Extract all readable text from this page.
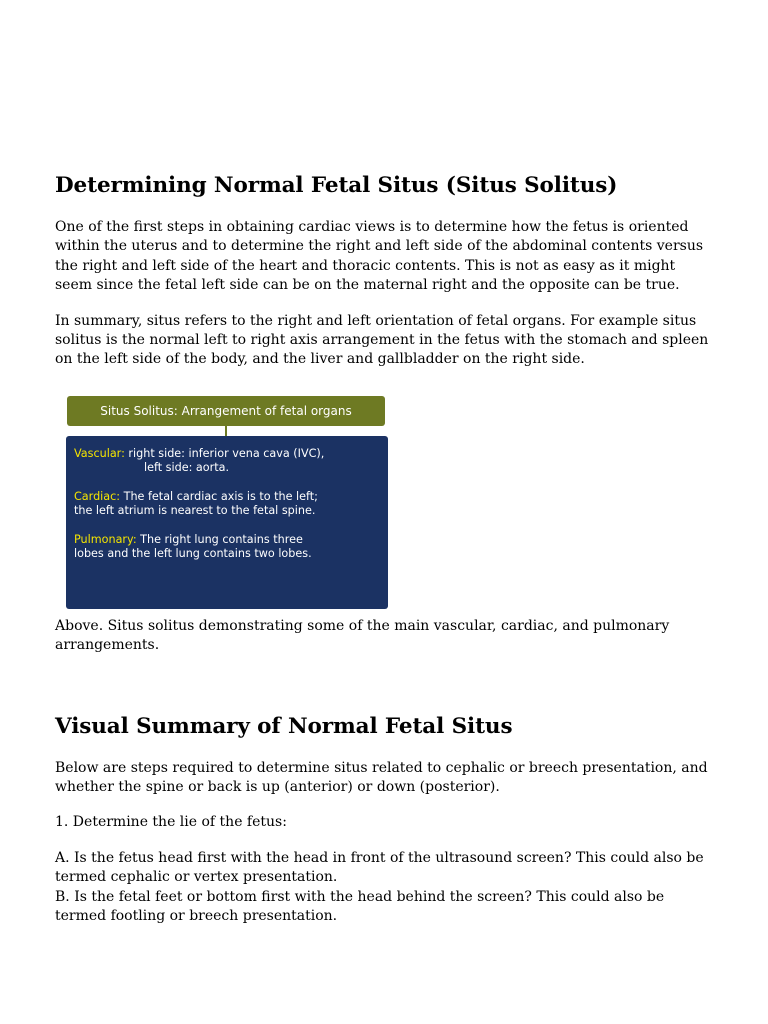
Determining Normal Fetal Situs (Situs Solitus)

One of the first steps in obtaining cardiac views is to determine how the fetus is oriented within the uterus and to determine the right and left side of the abdominal contents versus the right and left side of the heart and thoracic contents. This is not as easy as it might seem since the fetal left side can be on the maternal right and the opposite can be true.

In summary, situs refers to the right and left orientation of fetal organs. For example situs solitus is the normal left to right axis arrangement in the fetus with the stomach and spleen on the left side of the body, and the liver and gallbladder on the right side.

Situs Solitus: Arrangement of fetal organs
Vascular: right side: inferior vena cava (IVC),
left side: aorta.
Cardiac: The fetal cardiac axis is to the left;
the left atrium is nearest to the fetal spine.
Pulmonary: The right lung contains three
lobes and the left lung contains two lobes.

Above. Situs solitus demonstrating some of the main vascular, cardiac, and pulmonary arrangements.

Visual Summary of Normal Fetal Situs

Below are steps required to determine situs related to cephalic or breech presentation, and whether the spine or back is up (anterior) or down (posterior).

1. Determine the lie of the fetus:

A. Is the fetus head first with the head in front of the ultrasound screen? This could also be termed cephalic or vertex presentation.

B. Is the fetal feet or bottom first with the head behind the screen? This could also be termed footling or breech presentation.
